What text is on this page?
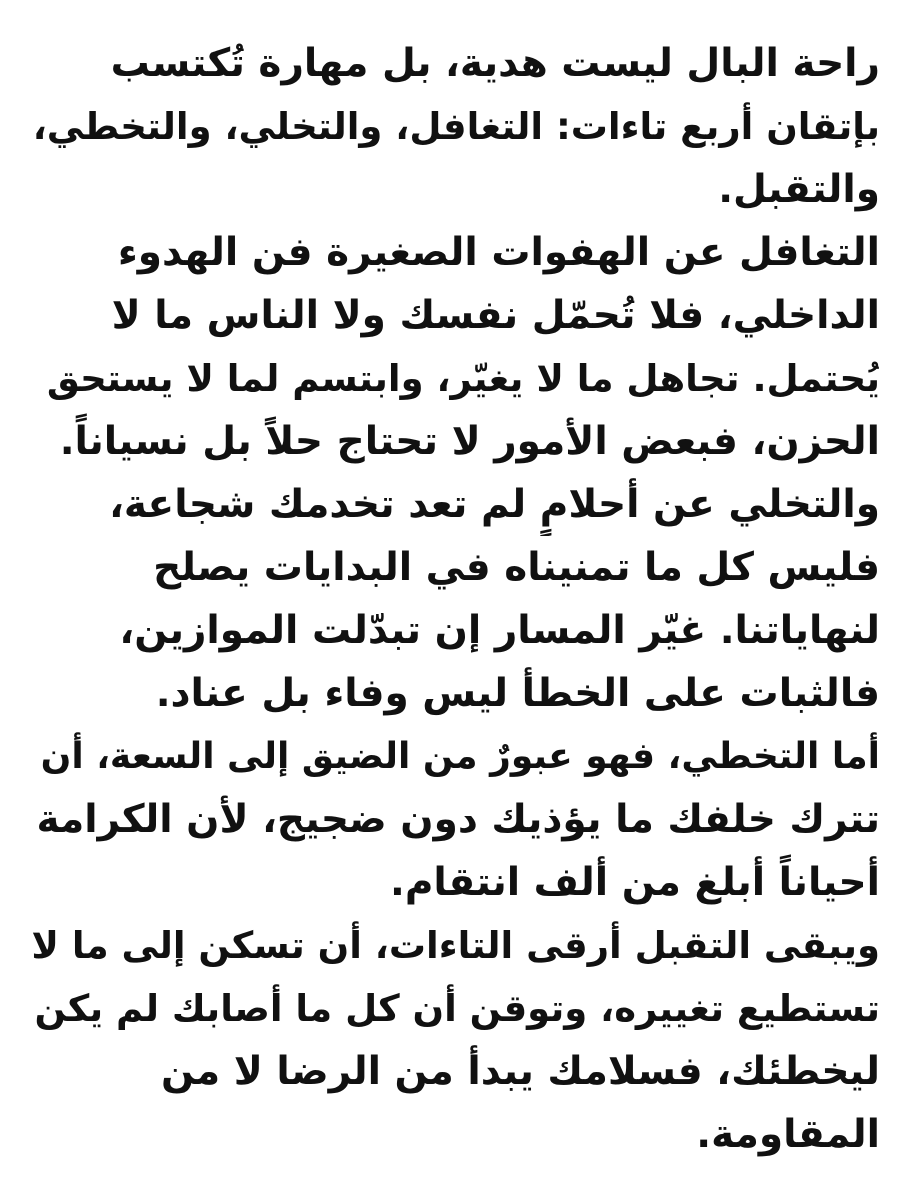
راحة البال ليست هدية، بل مهارة تُكتسب
بإتقان أربع تاءات: التغافل، والتخلي، والتخطي،
والتقبل.
التغافل عن الهفوات الصغيرة فن الهدوء
الداخلي، فلا تُحمّل نفسك ولا الناس ما لا
يُحتمل. تجاهل ما لا يغيّر، وابتسم لما لا يستحق
الحزن، فبعض الأمور لا تحتاج حلاً بل نسياناً.
والتخلي عن أحلامٍ لم تعد تخدمك شجاعة،
فليس كل ما تمنيناه في البدايات يصلح
لنهاياتنا. غيّر المسار إن تبدّلت الموازين،
فالثبات على الخطأ ليس وفاء بل عناد.
أما التخطي، فهو عبورٌ من الضيق إلى السعة، أن
تترك خلفك ما يؤذيك دون ضجيج، لأن الكرامة
أحياناً أبلغ من ألف انتقام.
ويبقى التقبل أرقى التاءات، أن تسكن إلى ما لا
تستطيع تغييره، وتوقن أن كل ما أصابك لم يكن
ليخطئك، فسلامك يبدأ من الرضا لا من
المقاومة.
